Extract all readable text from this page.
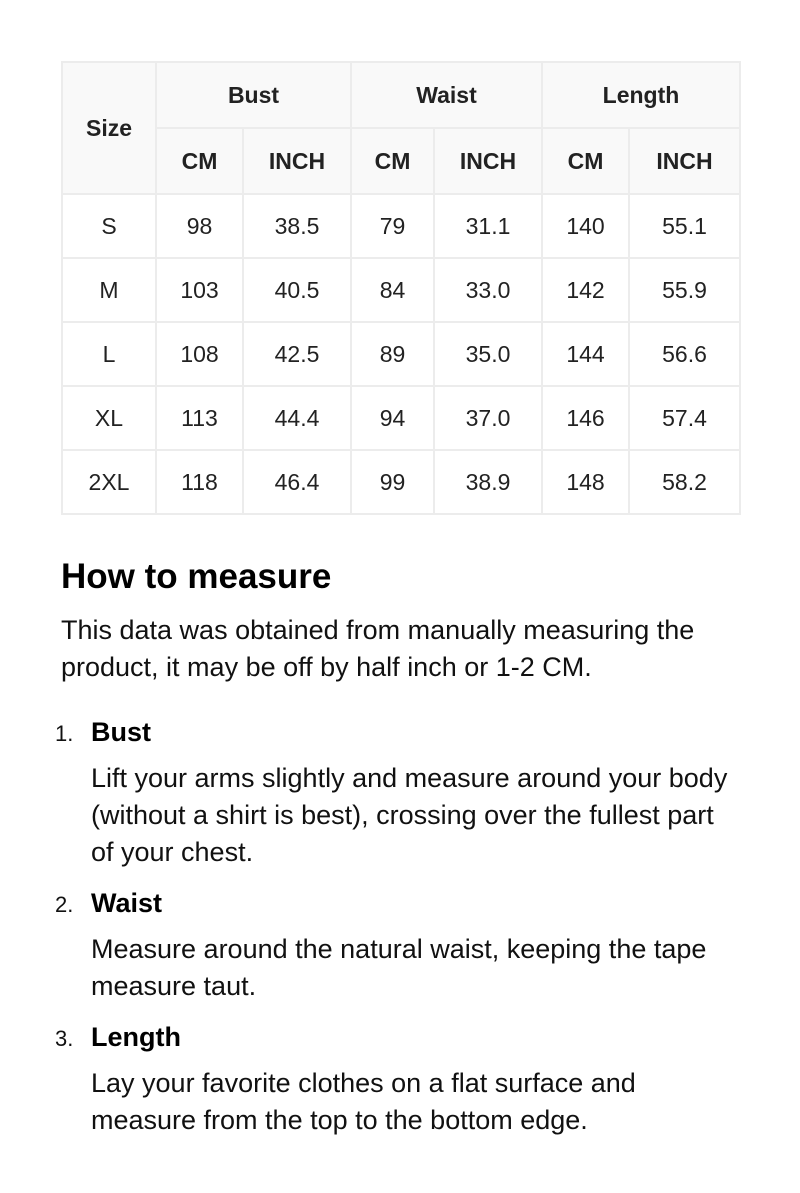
Size	Bust		Waist		Length	
	CM	INCH	CM	INCH	CM	INCH
S	98	38.5	79	31.1	140	55.1
M	103	40.5	84	33.0	142	55.9
L	108	42.5	89	35.0	144	56.6
XL	113	44.4	94	37.0	146	57.4
2XL	118	46.4	99	38.9	148	58.2
How to measure

This data was obtained from manually measuring the product, it may be off by half inch or 1-2 CM.

1. Bust
Lift your arms slightly and measure around your body (without a shirt is best), crossing over the fullest part of your chest.
2. Waist
Measure around the natural waist, keeping the tape measure taut.
3. Length
Lay your favorite clothes on a flat surface and measure from the top to the bottom edge.
